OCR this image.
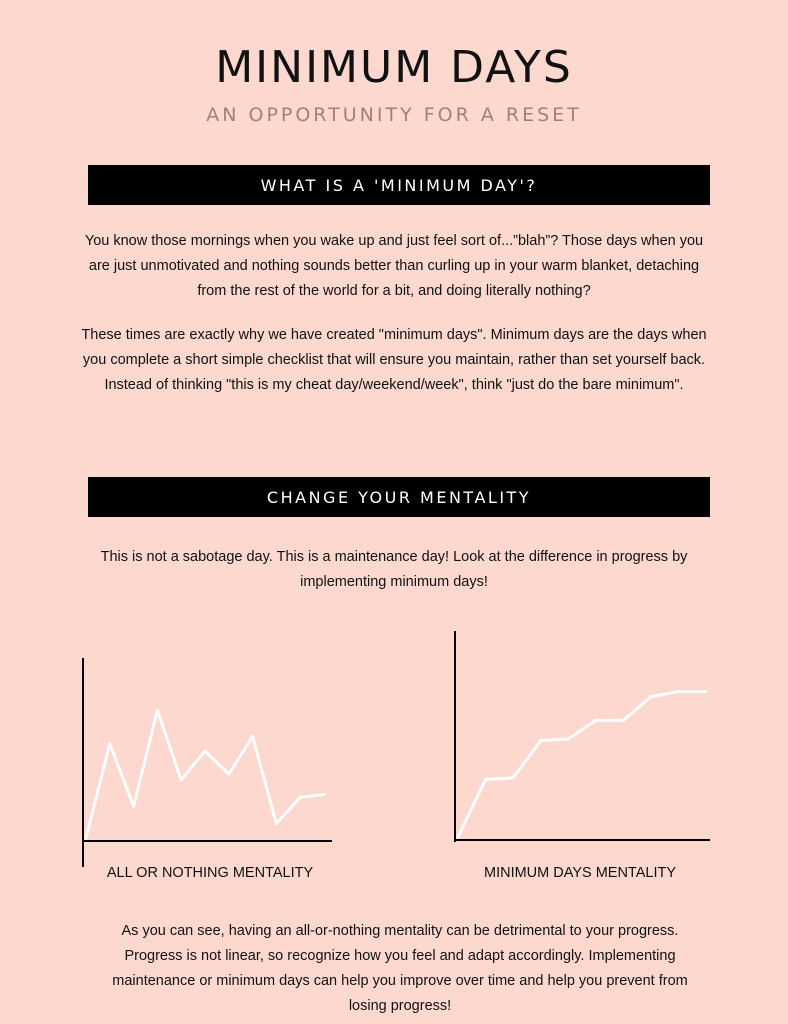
MINIMUM DAYS
AN OPPORTUNITY FOR A RESET
WHAT IS A 'MINIMUM DAY'?

You know those mornings when you wake up and just feel sort of...”blah”? Those days when you are just unmotivated and nothing sounds better than curling up in your warm blanket, detaching from the rest of the world for a bit, and doing literally nothing?

These times are exactly why we have created "minimum days". Minimum days are the days when you complete a short simple checklist that will ensure you maintain, rather than set yourself back. Instead of thinking "this is my cheat day/weekend/week", think "just do the bare minimum".

CHANGE YOUR MENTALITY

This is not a sabotage day. This is a maintenance day! Look at the difference in progress by implementing minimum days!

ALL OR NOTHING MENTALITY	MINIMUM DAYS MENTALITY

As you can see, having an all-or-nothing mentality can be detrimental to your progress. Progress is not linear, so recognize how you feel and adapt accordingly. Implementing maintenance or minimum days can help you improve over time and help you prevent from losing progress!
